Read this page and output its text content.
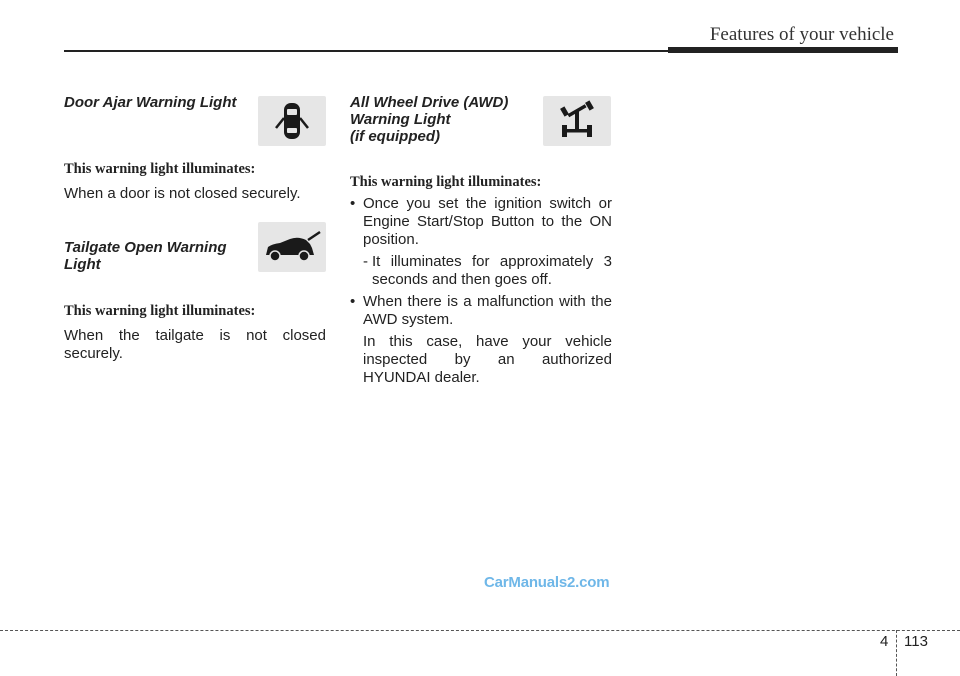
Features of your vehicle

Door Ajar Warning Light

This warning light illuminates:

When a door is not closed securely.

Tailgate Open Warning

Light

This warning light illuminates:

When the tailgate is not closed securely.

All Wheel Drive (AWD)

Warning Light

(if equipped)

This warning light illuminates:

• Once you set the ignition switch or Engine Start/Stop Button to the ON position.

- It illuminates for approximately 3 seconds and then goes off.

• When there is a malfunction with the AWD system.

In this case, have your vehicle inspected by an authorized HYUNDAI dealer.

CarManuals2.com
4 113
